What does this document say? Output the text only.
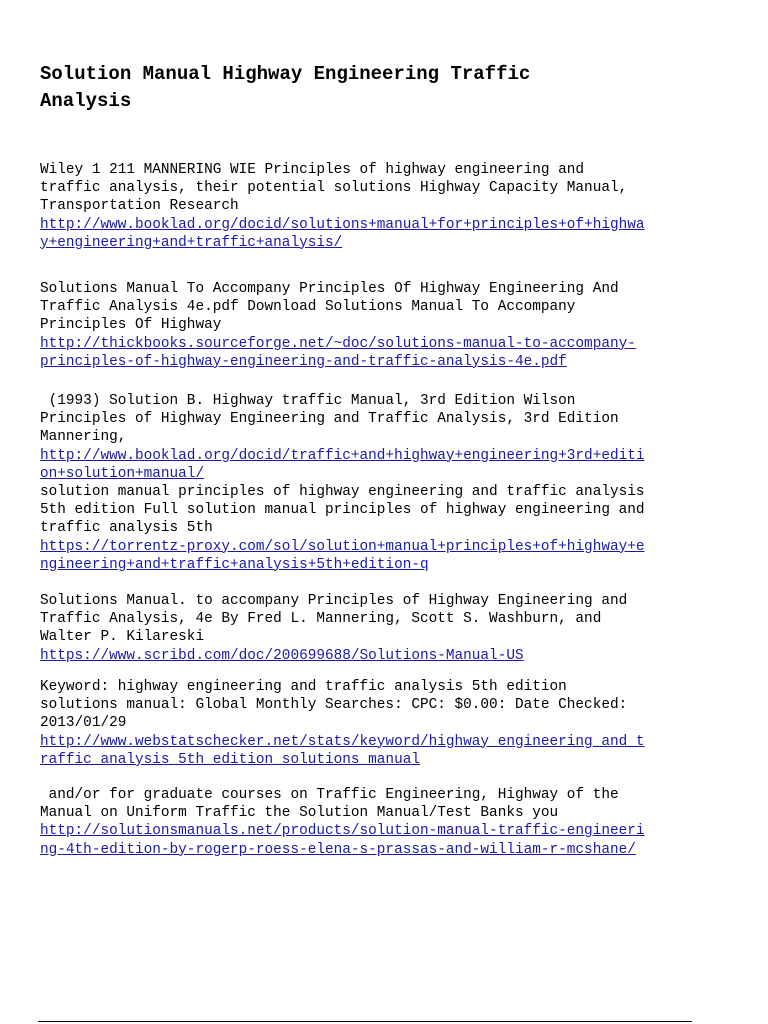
Solution Manual Highway Engineering Traffic
Analysis
Wiley 1 211 MANNERING WIE Principles of highway engineering and
traffic analysis, their potential solutions Highway Capacity Manual,
Transportation Research
http://www.booklad.org/docid/solutions+manual+for+principles+of+highwa
y+engineering+and+traffic+analysis/
Solutions Manual To Accompany Principles Of Highway Engineering And
Traffic Analysis 4e.pdf Download Solutions Manual To Accompany
Principles Of Highway
http://thickbooks.sourceforge.net/~doc/solutions-manual-to-accompany-
principles-of-highway-engineering-and-traffic-analysis-4e.pdf
(1993) Solution B. Highway traffic Manual, 3rd Edition Wilson
Principles of Highway Engineering and Traffic Analysis, 3rd Edition
Mannering,
http://www.booklad.org/docid/traffic+and+highway+engineering+3rd+editi
on+solution+manual/
solution manual principles of highway engineering and traffic analysis
5th edition Full solution manual principles of highway engineering and
traffic analysis 5th
https://torrentz-proxy.com/sol/solution+manual+principles+of+highway+e
ngineering+and+traffic+analysis+5th+edition-q
Solutions Manual. to accompany Principles of Highway Engineering and
Traffic Analysis, 4e By Fred L. Mannering, Scott S. Washburn, and
Walter P. Kilareski
https://www.scribd.com/doc/200699688/Solutions-Manual-US
Keyword: highway engineering and traffic analysis 5th edition
solutions manual: Global Monthly Searches: CPC: $0.00: Date Checked:
2013/01/29
http://www.webstatschecker.net/stats/keyword/highway_engineering_and_t
raffic_analysis_5th_edition_solutions_manual
and/or for graduate courses on Traffic Engineering, Highway of the
Manual on Uniform Traffic the Solution Manual/Test Banks you
http://solutionsmanuals.net/products/solution-manual-traffic-engineeri
ng-4th-edition-by-rogerp-roess-elena-s-prassas-and-william-r-mcshane/
